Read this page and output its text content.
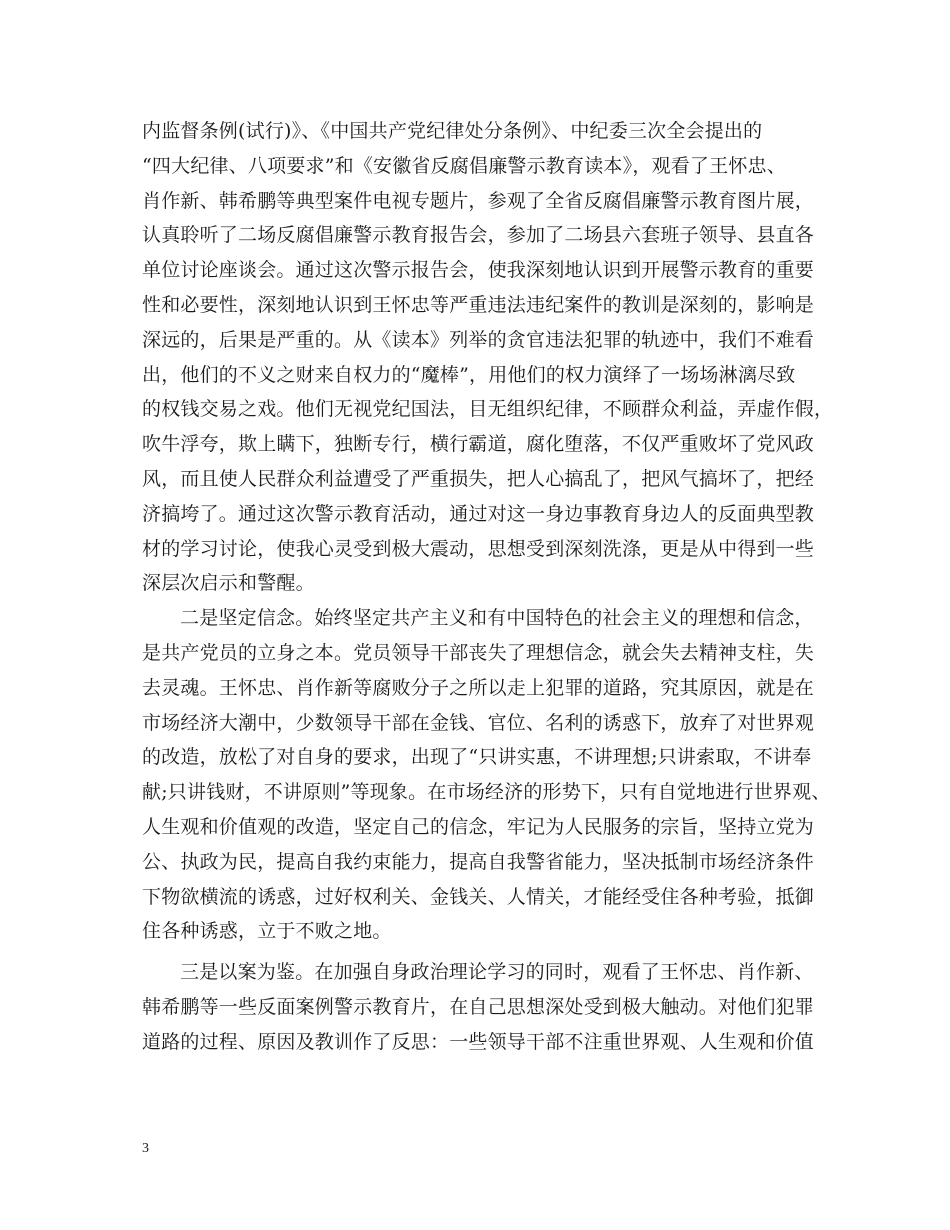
内监督条例(试行)》、《中国共产党纪律处分条例》、中纪委三次全会提出的
“四大纪律、八项要求”和《安徽省反腐倡廉警示教育读本》，观看了王怀忠、
肖作新、韩希鹏等典型案件电视专题片，参观了全省反腐倡廉警示教育图片展，
认真聆听了二场反腐倡廉警示教育报告会，参加了二场县六套班子领导、县直各
单位讨论座谈会。通过这次警示报告会，使我深刻地认识到开展警示教育的重要
性和必要性，深刻地认识到王怀忠等严重违法违纪案件的教训是深刻的，影响是
深远的，后果是严重的。从《读本》列举的贪官违法犯罪的轨迹中，我们不难看
出，他们的不义之财来自权力的“魔棒”，用他们的权力演绎了一场场淋漓尽致
的权钱交易之戏。他们无视党纪国法，目无组织纪律，不顾群众利益，弄虚作假，
吹牛浮夸，欺上瞒下，独断专行，横行霸道，腐化堕落，不仅严重败坏了党风政
风，而且使人民群众利益遭受了严重损失，把人心搞乱了，把风气搞坏了，把经
济搞垮了。通过这次警示教育活动，通过对这一身边事教育身边人的反面典型教
材的学习讨论，使我心灵受到极大震动，思想受到深刻洗涤，更是从中得到一些
深层次启示和警醒。
二是坚定信念。始终坚定共产主义和有中国特色的社会主义的理想和信念，
是共产党员的立身之本。党员领导干部丧失了理想信念，就会失去精神支柱，失
去灵魂。王怀忠、肖作新等腐败分子之所以走上犯罪的道路，究其原因，就是在
市场经济大潮中，少数领导干部在金钱、官位、名利的诱惑下，放弃了对世界观
的改造，放松了对自身的要求，出现了“只讲实惠，不讲理想;只讲索取，不讲奉
献;只讲钱财，不讲原则”等现象。在市场经济的形势下，只有自觉地进行世界观、
人生观和价值观的改造，坚定自己的信念，牢记为人民服务的宗旨，坚持立党为
公、执政为民，提高自我约束能力，提高自我警省能力，坚决抵制市场经济条件
下物欲横流的诱惑，过好权利关、金钱关、人情关，才能经受住各种考验，抵御
住各种诱惑，立于不败之地。
三是以案为鉴。在加强自身政治理论学习的同时，观看了王怀忠、肖作新、
韩希鹏等一些反面案例警示教育片，在自己思想深处受到极大触动。对他们犯罪
道路的过程、原因及教训作了反思：一些领导干部不注重世界观、人生观和价值
3
